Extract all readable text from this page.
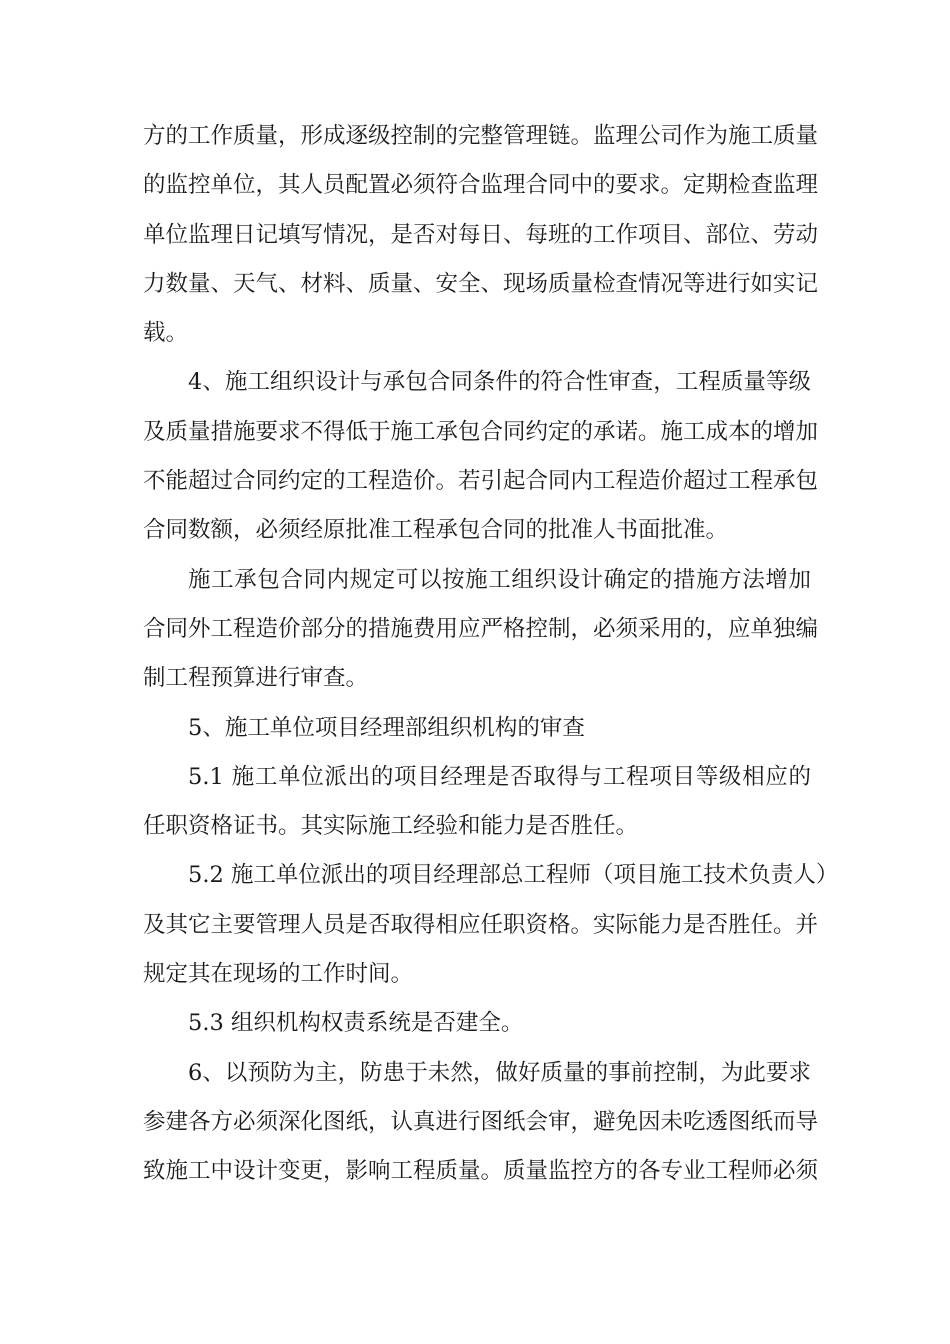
方的工作质量，形成逐级控制的完整管理链。监理公司作为施工质量
的监控单位，其人员配置必须符合监理合同中的要求。定期检查监理
单位监理日记填写情况，是否对每日、每班的工作项目、部位、劳动
力数量、天气、材料、质量、安全、现场质量检查情况等进行如实记
载。
4、施工组织设计与承包合同条件的符合性审查，工程质量等级
及质量措施要求不得低于施工承包合同约定的承诺。施工成本的增加
不能超过合同约定的工程造价。若引起合同内工程造价超过工程承包
合同数额，必须经原批准工程承包合同的批准人书面批准。
施工承包合同内规定可以按施工组织设计确定的措施方法增加
合同外工程造价部分的措施费用应严格控制，必须采用的，应单独编
制工程预算进行审查。
5、施工单位项目经理部组织机构的审查
5.1 施工单位派出的项目经理是否取得与工程项目等级相应的
任职资格证书。其实际施工经验和能力是否胜任。
5.2 施工单位派出的项目经理部总工程师（项目施工技术负责人）
及其它主要管理人员是否取得相应任职资格。实际能力是否胜任。并
规定其在现场的工作时间。
5.3 组织机构权责系统是否建全。
6、以预防为主，防患于未然，做好质量的事前控制，为此要求
参建各方必须深化图纸，认真进行图纸会审，避免因未吃透图纸而导
致施工中设计变更，影响工程质量。质量监控方的各专业工程师必须
